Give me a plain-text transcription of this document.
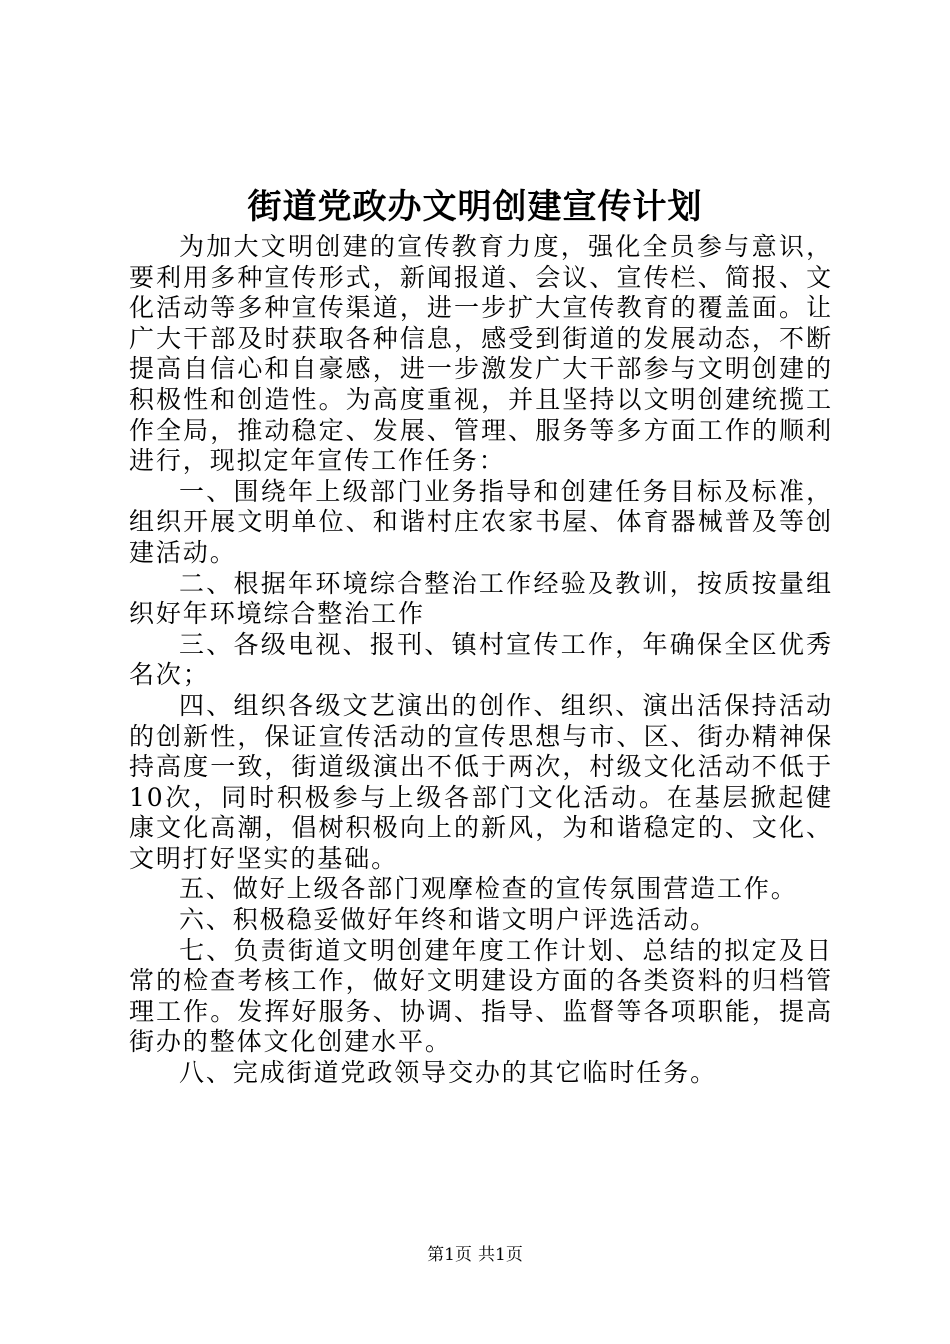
街道党政办文明创建宣传计划

为加大文明创建的宣传教育力度，强化全员参与意识，要利用多种宣传形式，新闻报道、会议、宣传栏、简报、文化活动等多种宣传渠道，进一步扩大宣传教育的覆盖面。让广大干部及时获取各种信息，感受到街道的发展动态，不断提高自信心和自豪感，进一步激发广大干部参与文明创建的积极性和创造性。为高度重视，并且坚持以文明创建统揽工作全局，推动稳定、发展、管理、服务等多方面工作的顺利进行，现拟定年宣传工作任务：

一、围绕年上级部门业务指导和创建任务目标及标准，组织开展文明单位、和谐村庄农家书屋、体育器械普及等创建活动。

二、根据年环境综合整治工作经验及教训，按质按量组织好年环境综合整治工作

三、各级电视、报刊、镇村宣传工作，年确保全区优秀名次；

四、组织各级文艺演出的创作、组织、演出活保持活动的创新性，保证宣传活动的宣传思想与市、区、街办精神保持高度一致，街道级演出不低于两次，村级文化活动不低于10次，同时积极参与上级各部门文化活动。在基层掀起健康文化高潮，倡树积极向上的新风，为和谐稳定的、文化、文明打好坚实的基础。

五、做好上级各部门观摩检查的宣传氛围营造工作。

六、积极稳妥做好年终和谐文明户评选活动。

七、负责街道文明创建年度工作计划、总结的拟定及日常的检查考核工作，做好文明建设方面的各类资料的归档管理工作。发挥好服务、协调、指导、监督等各项职能，提高街办的整体文化创建水平。

八、完成街道党政领导交办的其它临时任务。

第1页 共1页
